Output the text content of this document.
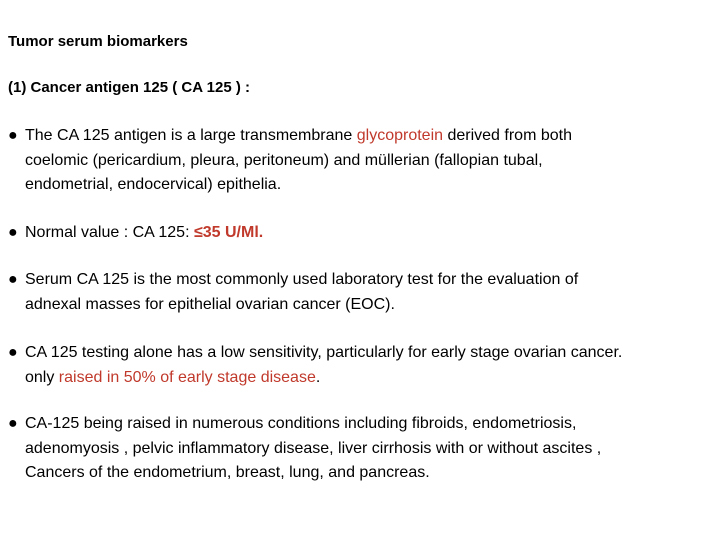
Tumor serum biomarkers
(1) Cancer antigen 125 ( CA 125 ) :
● The CA 125 antigen is a large transmembrane glycoprotein derived from both
coelomic (pericardium, pleura, peritoneum) and müllerian (fallopian tubal,
endometrial, endocervical) epithelia.
● Normal value : CA 125: ≤35 U/Ml.
● Serum CA 125 is the most commonly used laboratory test for the evaluation of
adnexal masses for epithelial ovarian cancer (EOC).
● CA 125 testing alone has a low sensitivity, particularly for early stage ovarian cancer.
only raised in 50% of early stage disease.
● CA-125 being raised in numerous conditions including fibroids, endometriosis,
adenomyosis , pelvic inflammatory disease, liver cirrhosis with or without ascites ,
Cancers of the endometrium, breast, lung, and pancreas.
